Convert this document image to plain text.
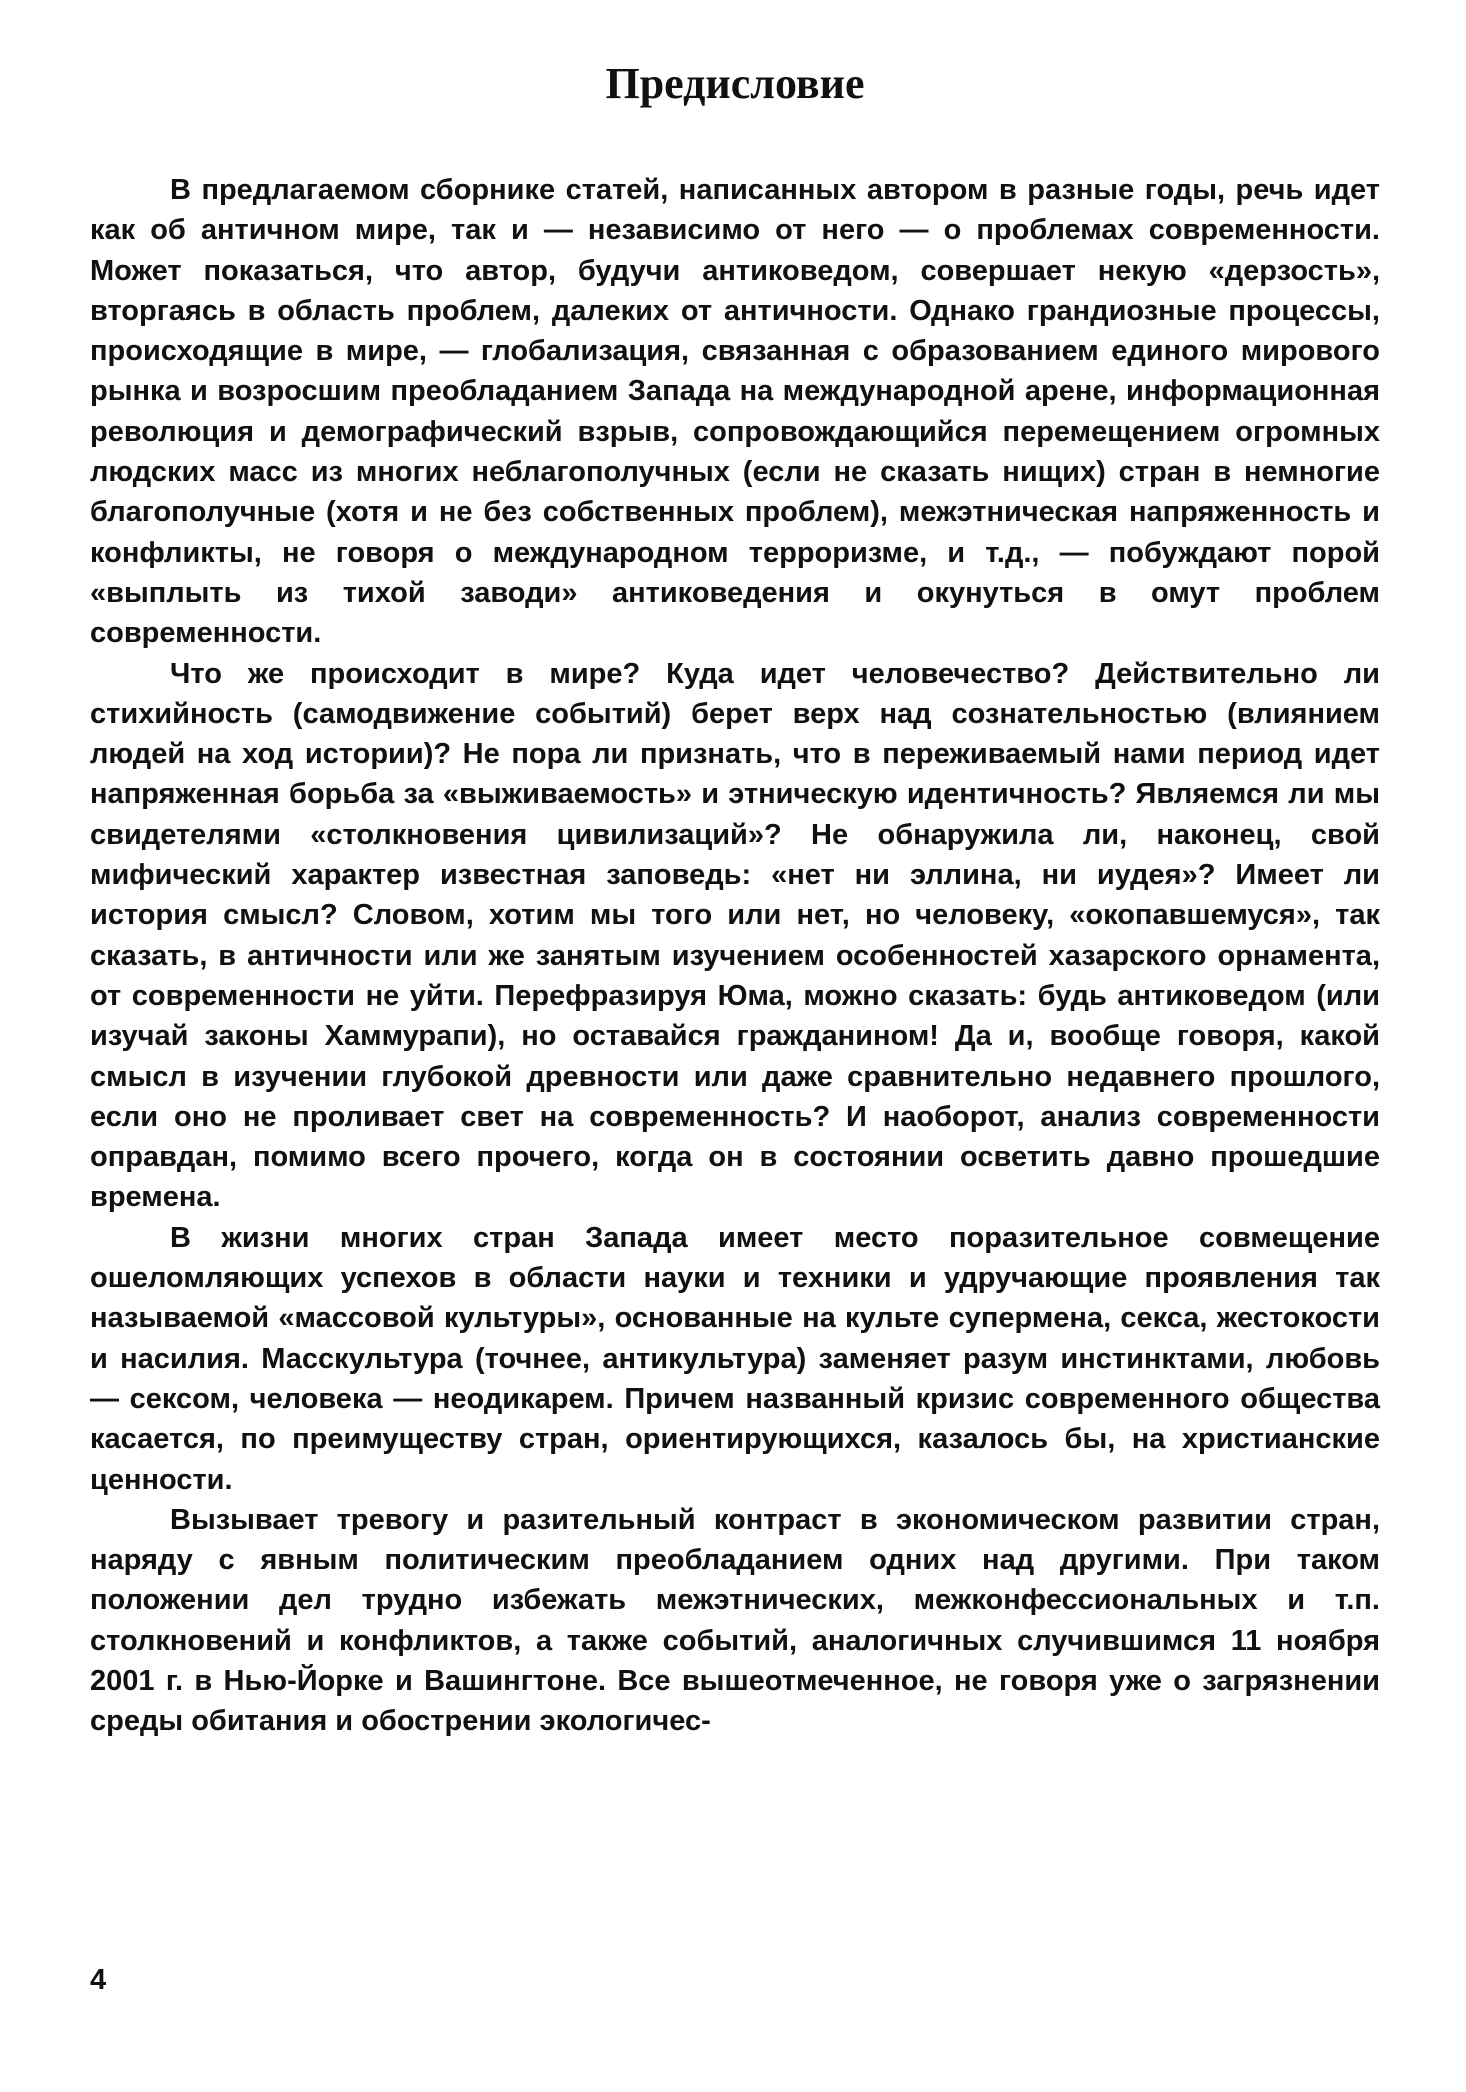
Предисловие

В предлагаемом сборнике статей, написанных автором в разные годы, речь идет как об античном мире, так и — независимо от него — о проблемах современности. Может показаться, что автор, будучи антиковедом, совершает некую «дерзость», вторгаясь в область проблем, далеких от античности. Однако грандиозные процессы, происходящие в мире, — глобализация, связанная с образованием единого мирового рынка и возросшим преобладанием Запада на международной арене, информационная революция и демографический взрыв, сопровождающийся перемещением огромных людских масс из многих неблагополучных (если не сказать нищих) стран в немногие благополучные (хотя и не без собственных проблем), межэтническая напряженность и конфликты, не говоря о международном терроризме, и т.д., — побуждают порой «выплыть из тихой заводи» антиковедения и окунуться в омут проблем современности.

Что же происходит в мире? Куда идет человечество? Действительно ли стихийность (самодвижение событий) берет верх над сознательностью (влиянием людей на ход истории)? Не пора ли признать, что в переживаемый нами период идет напряженная борьба за «выживаемость» и этническую идентичность? Являемся ли мы свидетелями «столкновения цивилизаций»? Не обнаружила ли, наконец, свой мифический характер известная заповедь: «нет ни эллина, ни иудея»? Имеет ли история смысл? Словом, хотим мы того или нет, но человеку, «окопавшемуся», так сказать, в античности или же занятым изучением особенностей хазарского орнамента, от современности не уйти. Перефразируя Юма, можно сказать: будь антиковедом (или изучай законы Хаммурапи), но оставайся гражданином! Да и, вообще говоря, какой смысл в изучении глубокой древности или даже сравнительно недавнего прошлого, если оно не проливает свет на современность? И наоборот, анализ современности оправдан, помимо всего прочего, когда он в состоянии осветить давно прошедшие времена.

В жизни многих стран Запада имеет место поразительное совмещение ошеломляющих успехов в области науки и техники и удручающие проявления так называемой «массовой культуры», основанные на культе супермена, секса, жестокости и насилия. Масскультура (точнее, антикультура) заменяет разум инстинктами, любовь — сексом, человека — неодикарем. Причем названный кризис современного общества касается, по преимуществу стран, ориентирующихся, казалось бы, на христианские ценности.

Вызывает тревогу и разительный контраст в экономическом развитии стран, наряду с явным политическим преобладанием одних над другими. При таком положении дел трудно избежать межэтнических, межконфессиональных и т.п. столкновений и конфликтов, а также событий, аналогичных случившимся 11 ноября 2001 г. в Нью-Йорке и Вашингтоне. Все вышеотмеченное, не говоря уже о загрязнении среды обитания и обострении экологичес-

4
